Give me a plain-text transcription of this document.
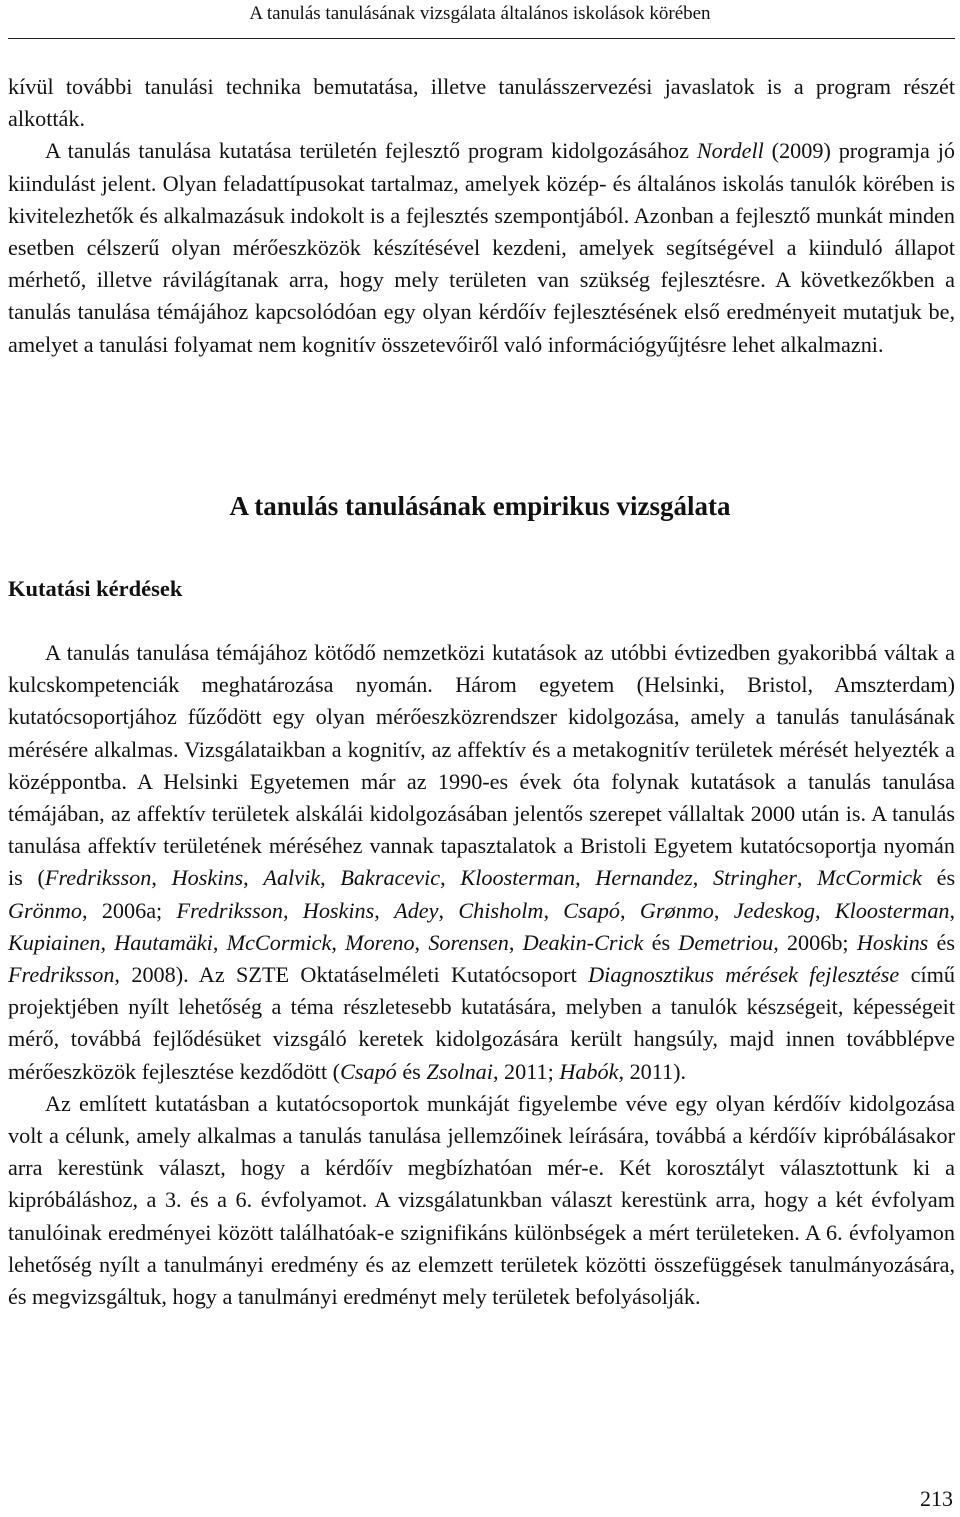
A tanulás tanulásának vizsgálata általános iskolások körében

kívül további tanulási technika bemutatása, illetve tanulásszervezési javaslatok is a program részét alkották.

A tanulás tanulása kutatása területén fejlesztő program kidolgozásához Nordell (2009) programja jó kiindulást jelent. Olyan feladattípusokat tartalmaz, amelyek közép- és általános iskolás tanulók körében is kivitelezhetők és alkalmazásuk indokolt is a fejlesztés szempontjából. Azonban a fejlesztő munkát minden esetben célszerű olyan mérőeszközök készítésével kezdeni, amelyek segítségével a kiinduló állapot mérhető, illetve rávilágítanak arra, hogy mely területen van szükség fejlesztésre. A következőkben a tanulás tanulása témájához kapcsolódóan egy olyan kérdőív fejlesztésének első eredményeit mutatjuk be, amelyet a tanulási folyamat nem kognitív összetevőiről való információgyűjtésre lehet alkalmazni.

A tanulás tanulásának empirikus vizsgálata
Kutatási kérdések

A tanulás tanulása témájához kötődő nemzetközi kutatások az utóbbi évtizedben gyakoribbá váltak a kulcskompetenciák meghatározása nyomán. Három egyetem (Helsinki, Bristol, Amszterdam) kutatócsoportjához fűződött egy olyan mérőeszközrendszer kidolgozása, amely a tanulás tanulásának mérésére alkalmas. Vizsgálataikban a kognitív, az affektív és a metakognitív területek mérését helyezték a középpontba. A Helsinki Egyetemen már az 1990-es évek óta folynak kutatások a tanulás tanulása témájában, az affektív területek alskálái kidolgozásában jelentős szerepet vállaltak 2000 után is. A tanulás tanulása affektív területének méréséhez vannak tapasztalatok a Bristoli Egyetem kutatócsoportja nyomán is (Fredriksson, Hoskins, Aalvik, Bakracevic, Kloosterman, Hernandez, Stringher, McCormick és Grönmo, 2006a; Fredriksson, Hoskins, Adey, Chisholm, Csapó, Grønmo, Jedeskog, Kloosterman, Kupiainen, Hautamäki, McCormick, Moreno, Sorensen, Deakin-Crick és Demetriou, 2006b; Hoskins és Fredriksson, 2008). Az SZTE Oktatáselméleti Kutatócsoport Diagnosztikus mérések fejlesztése című projektjében nyílt lehetőség a téma részletesebb kutatására, melyben a tanulók készségeit, képességeit mérő, továbbá fejlődésüket vizsgáló keretek kidolgozására került hangsúly, majd innen továbblépve mérőeszközök fejlesztése kezdődött (Csapó és Zsolnai, 2011; Habók, 2011).

Az említett kutatásban a kutatócsoportok munkáját figyelembe véve egy olyan kérdőív kidolgozása volt a célunk, amely alkalmas a tanulás tanulása jellemzőinek leírására, továbbá a kérdőív kipróbálásakor arra kerestünk választ, hogy a kérdőív megbízhatóan mér-e. Két korosztályt választottunk ki a kipróbáláshoz, a 3. és a 6. évfolyamot. A vizsgálatunkban választ kerestünk arra, hogy a két évfolyam tanulóinak eredményei között találhatóak-e szignifikáns különbségek a mért területeken. A 6. évfolyamon lehetőség nyílt a tanulmányi eredmény és az elemzett területek közötti összefüggések tanulmányozására, és megvizsgáltuk, hogy a tanulmányi eredményt mely területek befolyásolják.

213
